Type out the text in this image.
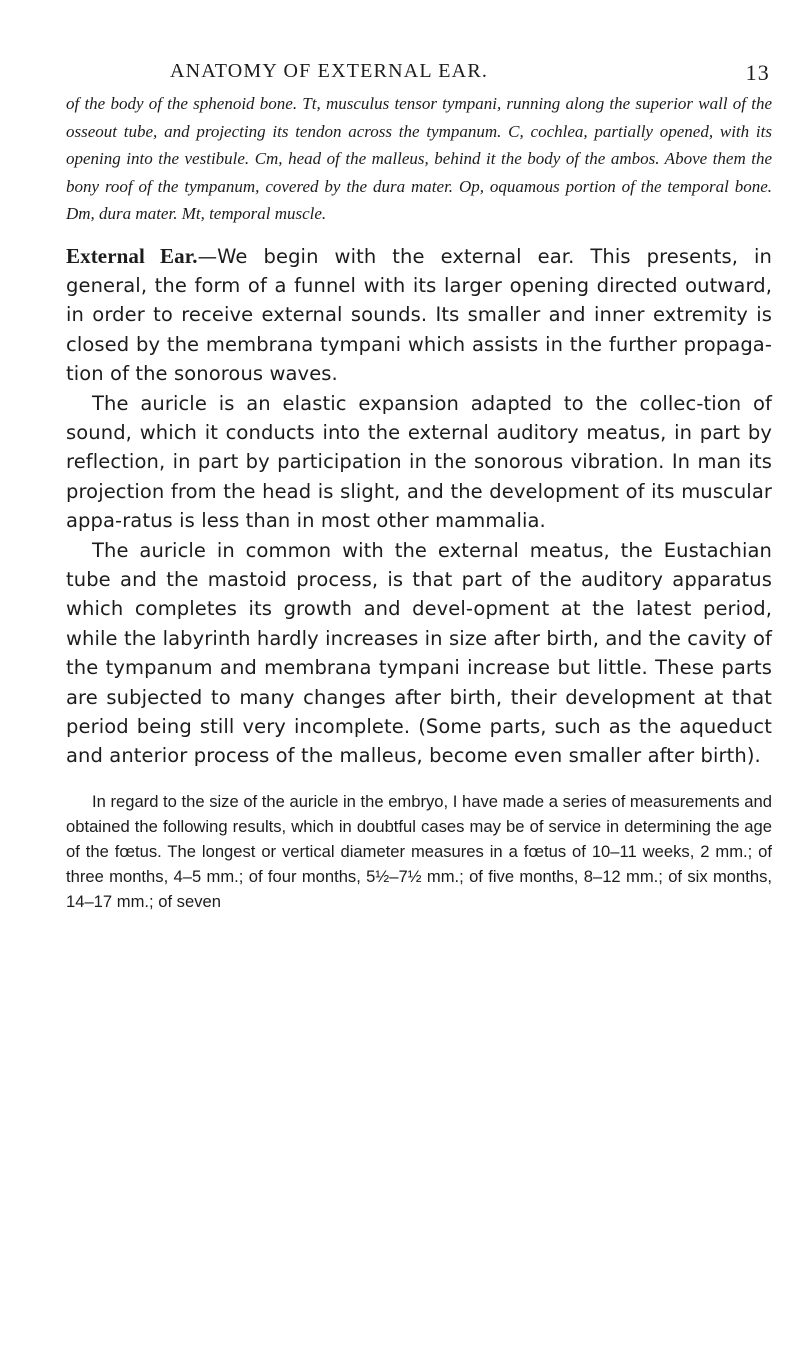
ANATOMY OF EXTERNAL EAR.	13

of the body of the sphenoid bone. Tt, musculus tensor tympani, running along the superior wall of the osseout tube, and projecting its tendon across the tympanum. C, cochlea, partially opened, with its opening into the vestibule. Cm, head of the malleus, behind it the body of the ambos. Above them the bony roof of the tympanum, covered by the dura mater. Op, oquamous portion of the temporal bone. Dm, dura mater. Mt, temporal muscle.

External Ear.—We begin with the external ear. This presents, in general, the form of a funnel with its larger opening directed outward, in order to receive external sounds. Its smaller and inner extremity is closed by the membrana tympani which assists in the further propaga-tion of the sonorous waves.

The auricle is an elastic expansion adapted to the collec-tion of sound, which it conducts into the external auditory meatus, in part by reflection, in part by participation in the sonorous vibration. In man its projection from the head is slight, and the development of its muscular appa-ratus is less than in most other mammalia.

The auricle in common with the external meatus, the Eustachian tube and the mastoid process, is that part of the auditory apparatus which completes its growth and devel-opment at the latest period, while the labyrinth hardly increases in size after birth, and the cavity of the tympanum and membrana tympani increase but little. These parts are subjected to many changes after birth, their development at that period being still very incomplete. (Some parts, such as the aqueduct and anterior process of the malleus, become even smaller after birth).

In regard to the size of the auricle in the embryo, I have made a series of measurements and obtained the following results, which in doubtful cases may be of service in determining the age of the fœtus. The longest or vertical diameter measures in a fœtus of 10–11 weeks, 2 mm.; of three months, 4–5 mm.; of four months, 5½–7½ mm.; of five months, 8–12 mm.; of six months, 14–17 mm.; of seven
